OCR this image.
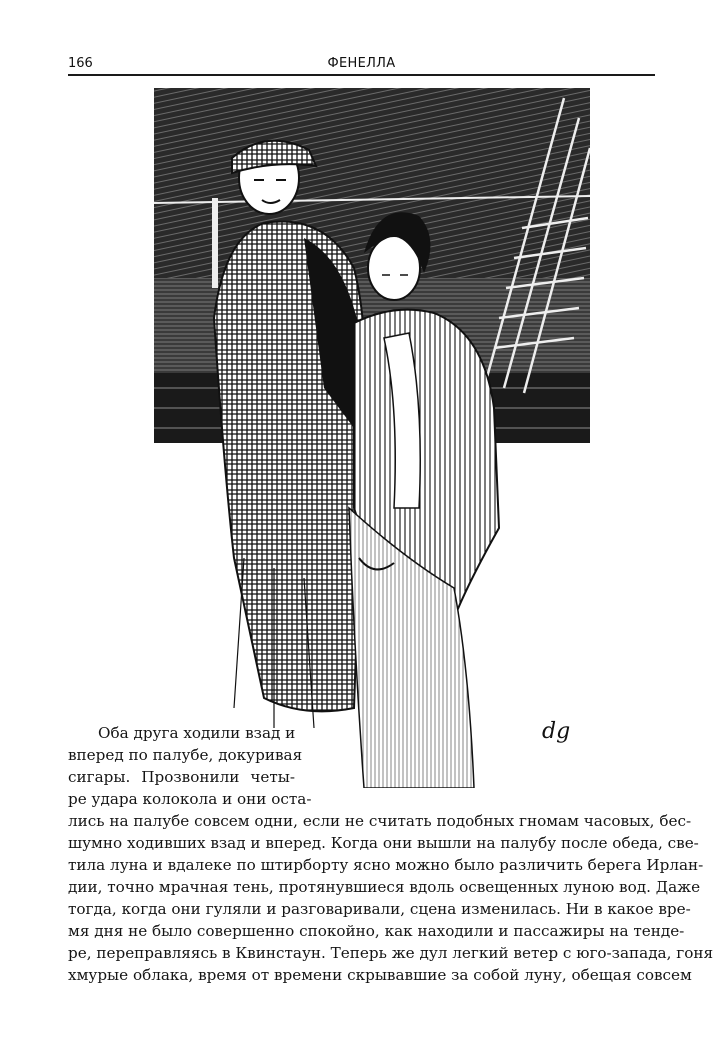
166	ФЕНЕЛЛА
dg
Оба друга ходили взад и
вперед по палубе, докуривая
сигары. Прозвонили четы-
ре удара колокола и они оста-
лись на палубе совсем одни, если не считать подобных гномам часовых, бес-
шумно ходивших взад и вперед. Когда они вышли на палубу после обеда, све-
тила луна и вдалеке по штирборту ясно можно было различить берега Ирлан-
дии, точно мрачная тень, протянувшиеся вдоль освещенных луною вод. Даже
тогда, когда они гуляли и разговаривали, сцена изменилась. Ни в какое вре-
мя дня не было совершенно спокойно, как находили и пассажиры на тенде-
ре, переправляясь в Квинстаун. Теперь же дул легкий ветер с юго-запада, гоня
хмурые облака, время от времени скрывавшие за собой луну, обещая совсем
